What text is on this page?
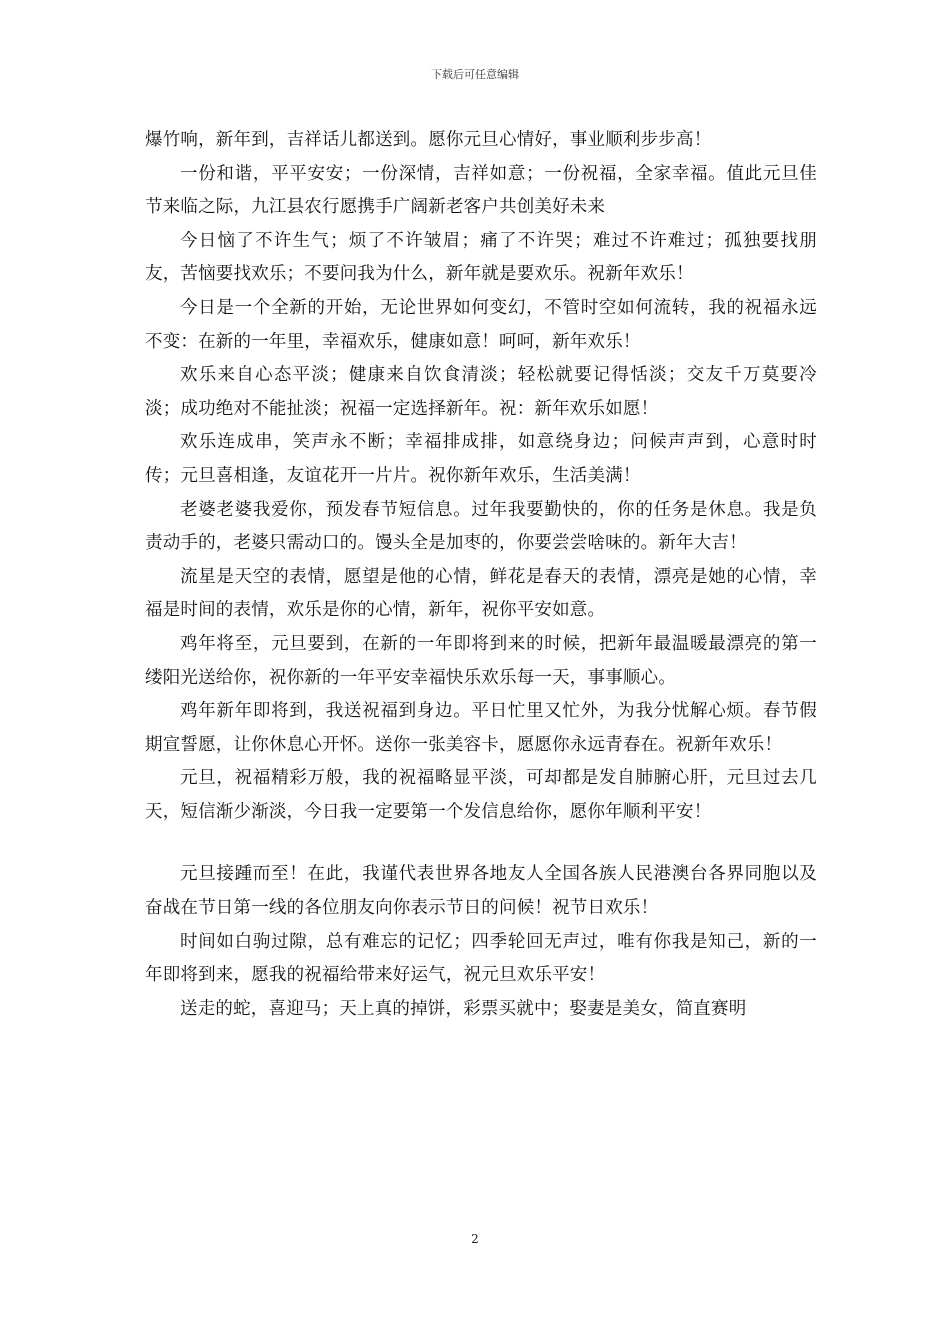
下载后可任意编辑

爆竹响，新年到，吉祥话儿都送到。愿你元旦心情好，事业顺利步步高！

一份和谐，平平安安；一份深情，吉祥如意；一份祝福，全家幸福。值此元旦佳节来临之际，九江县农行愿携手广阔新老客户共创美好未来

今日恼了不许生气；烦了不许皱眉；痛了不许哭；难过不许难过；孤独要找朋友，苦恼要找欢乐；不要问我为什么，新年就是要欢乐。祝新年欢乐！

今日是一个全新的开始，无论世界如何变幻，不管时空如何流转，我的祝福永远不变：在新的一年里，幸福欢乐，健康如意！呵呵，新年欢乐！

欢乐来自心态平淡；健康来自饮食清淡；轻松就要记得恬淡；交友千万莫要冷淡；成功绝对不能扯淡；祝福一定选择新年。祝：新年欢乐如愿！

欢乐连成串，笑声永不断；幸福排成排，如意绕身边；问候声声到，心意时时传；元旦喜相逢，友谊花开一片片。祝你新年欢乐，生活美满！

老婆老婆我爱你，预发春节短信息。过年我要勤快的，你的任务是休息。我是负责动手的，老婆只需动口的。馒头全是加枣的，你要尝尝啥味的。新年大吉！

流星是天空的表情，愿望是他的心情，鲜花是春天的表情，漂亮是她的心情，幸福是时间的表情，欢乐是你的心情，新年，祝你平安如意。

鸡年将至，元旦要到，在新的一年即将到来的时候，把新年最温暖最漂亮的第一缕阳光送给你，祝你新的一年平安幸福快乐欢乐每一天，事事顺心。

鸡年新年即将到，我送祝福到身边。平日忙里又忙外，为我分忧解心烦。春节假期宣誓愿，让你休息心开怀。送你一张美容卡，愿愿你永远青春在。祝新年欢乐！

元旦，祝福精彩万般，我的祝福略显平淡，可却都是发自肺腑心肝，元旦过去几天，短信渐少渐淡，今日我一定要第一个发信息给你，愿你年顺利平安！

元旦接踵而至！在此，我谨代表世界各地友人全国各族人民港澳台各界同胞以及奋战在节日第一线的各位朋友向你表示节日的问候！祝节日欢乐！

时间如白驹过隙，总有难忘的记忆；四季轮回无声过，唯有你我是知己，新的一年即将到来，愿我的祝福给带来好运气，祝元旦欢乐平安！

送走的蛇，喜迎马；天上真的掉饼，彩票买就中；娶妻是美女，简直赛明

2
